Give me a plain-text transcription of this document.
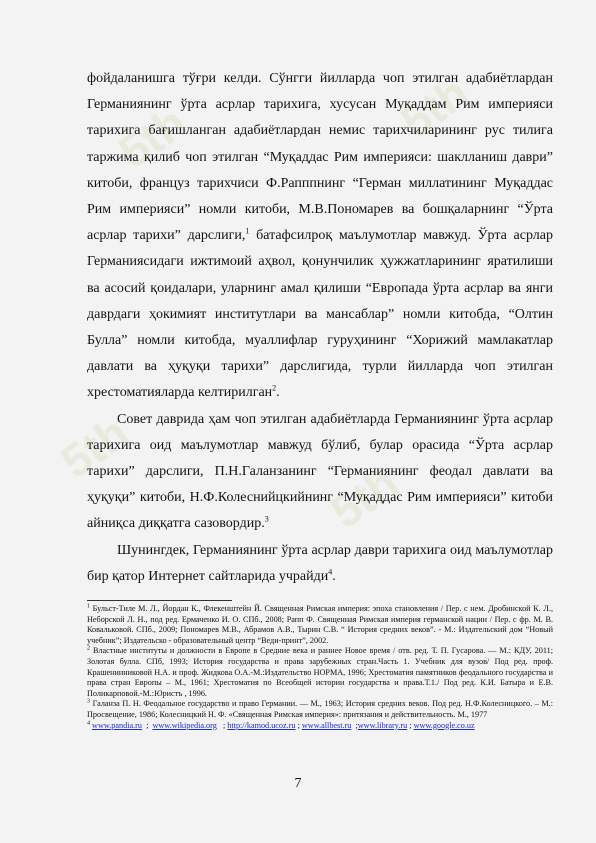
5th	5th
5th
5th

фойдаланишга тўғри келди. Сўнгги йилларда чоп этилган адабиётлардан Германиянинг ўрта асрлар тарихига, хусусан Муқаддам Рим империяси тарихига бағишланган адабиётлардан немис тарихчиларининг рус тилига таржима қилиб чоп этилган “Муқаддас Рим империяси: шаклланиш даври” китоби, француз тарихчиси Ф.Рапппнинг “Герман миллатининг Муқаддас Рим империяси” номли китоби, М.В.Пономарев ва бошқаларнинг “Ўрта асрлар тарихи” дарслиги,$^1$ батафсилроқ маълумотлар мавжуд. Ўрта асрлар Германиясидаги ижтимоий аҳвол, қонунчилик ҳужжатларининг яратилиши ва асосий қоидалари, уларнинг амал қилиши “Европада ўрта асрлар ва янги даврдаги ҳокимият институтлари ва мансаблар” номли китобда, “Олтин Булла” номли китобда, муаллифлар гуруҳининг “Хорижий мамлакатлар давлати ва ҳуқуқи тарихи” дарслигида, турли йилларда чоп этилган хрестоматияларда келтирилган$^2$.

Совет даврида ҳам чоп этилган адабиётларда Германиянинг ўрта асрлар тарихига оид маълумотлар мавжуд бўлиб, булар орасида “Ўрта асрлар тарихи” дарслиги, П.Н.Галанзанинг “Германиянинг феодал давлати ва ҳуқуқи” китоби, Н.Ф.Колеснийцкийнинг “Муқаддас Рим империяси” китоби айниқса диққатга сазовордир.$^3$

Шунингдек, Германиянинг ўрта асрлар даври тарихига оид маълумотлар бир қатор Интернет сайтларида учрайди$^4$.

$^1$ Бульст-Тиле М. Л., Йордан К., Флекенштейн Й. Священная Римская империя: эпоха становления / Пер. с нем. Дробинской К. Л., Неборской Л. Н., под ред. Ермаченко И. О. СПб., 2008; Рапп Ф. Священная Римская империя германской нации / Пер. с фр. М. В. Ковальковой. СПб., 2009; Пономарев М.В., Абрамов А.В., Тырин С.В. “ История средних веков”. - М.: Издательский дом “Новый учебник”; Издательско - образовательный центр “Веди-принт”, 2002.

$^2$ Властные институты и должности в Европе в Средние века и раннее Новое время / отв. ред. Т. П. Гусарова. — М.: КДУ, 2011; Золотая булла. СПб, 1993; История государства и права зарубежных стран.Часть 1. Учебник для вузов/ Под ред. проф. Крашенинниковой Н.А. и проф. Жидкова О.А.-М.:Издательство НОРМА, 1996; Хрестоматия памятников феодального государства и права стран Европы – М., 1961; Хрестоматия по Всеобщей истории государства и права.Т.1./ Под ред. К.И. Батыра и Е.В. Поликарповой.-М.:Юристъ , 1996.

$^3$ Галанза П. Н. Феодальное государство и право Германии. — М., 1963; История средних веков. Под ред. Н.Ф.Колесницкого. – М.: Просвещение, 1986; Колесницкий Н. Ф. «Священная Римская империя»: притязания и действительность. М., 1977

$^4$ www.pandia.ru  ;  www.wikipedia.org   ; http://kamod.ucoz.ru ; www.allbest.ru  ;www.library.ru ; www.google.co.uz

7
